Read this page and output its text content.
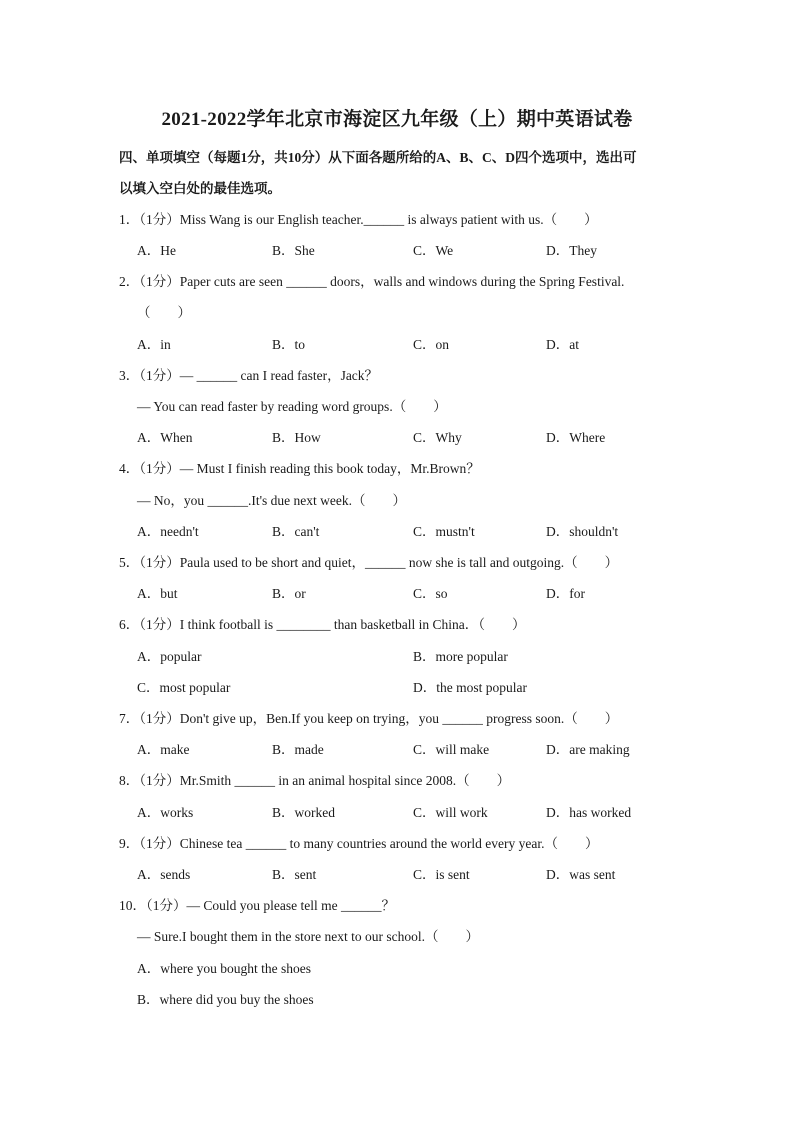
2021-2022学年北京市海淀区九年级（上）期中英语试卷
四、单项填空（每题1分，共10分）从下面各题所给的A、B、C、D四个选项中，选出可
以填入空白处的最佳选项。
1．（1分）Miss Wang is our English teacher.______ is always patient with us.（　　）
A．He	B．She	C．We	D．They
2．（1分）Paper cuts are seen ______ doors，walls and windows during the Spring Festival.
（　　）
A．in	B．to	C．on	D．at
3．（1分）— ______ can I read faster，Jack？
— You can read faster by reading word groups.（　　）
A．When	B．How	C．Why	D．Where
4．（1分）— Must I finish reading this book today，Mr.Brown？
— No，you ______.It's due next week.（　　）
A．needn't	B．can't	C．mustn't	D．shouldn't
5．（1分）Paula used to be short and quiet，______ now she is tall and outgoing.（　　）
A．but	B．or	C．so	D．for
6．（1分）I think football is ________ than basketball in China．（　　）
A．popular	B．more popular
C．most popular	D．the most popular
7．（1分）Don't give up，Ben.If you keep on trying，you ______ progress soon.（　　）
A．make	B．made	C．will make	D．are making
8．（1分）Mr.Smith ______ in an animal hospital since 2008.（　　）
A．works	B．worked	C．will work	D．has worked
9．（1分）Chinese tea ______ to many countries around the world every year.（　　）
A．sends	B．sent	C．is sent	D．was sent
10．（1分）— Could you please tell me ______？
— Sure.I bought them in the store next to our school.（　　）
A．where you bought the shoes
B．where did you buy the shoes
